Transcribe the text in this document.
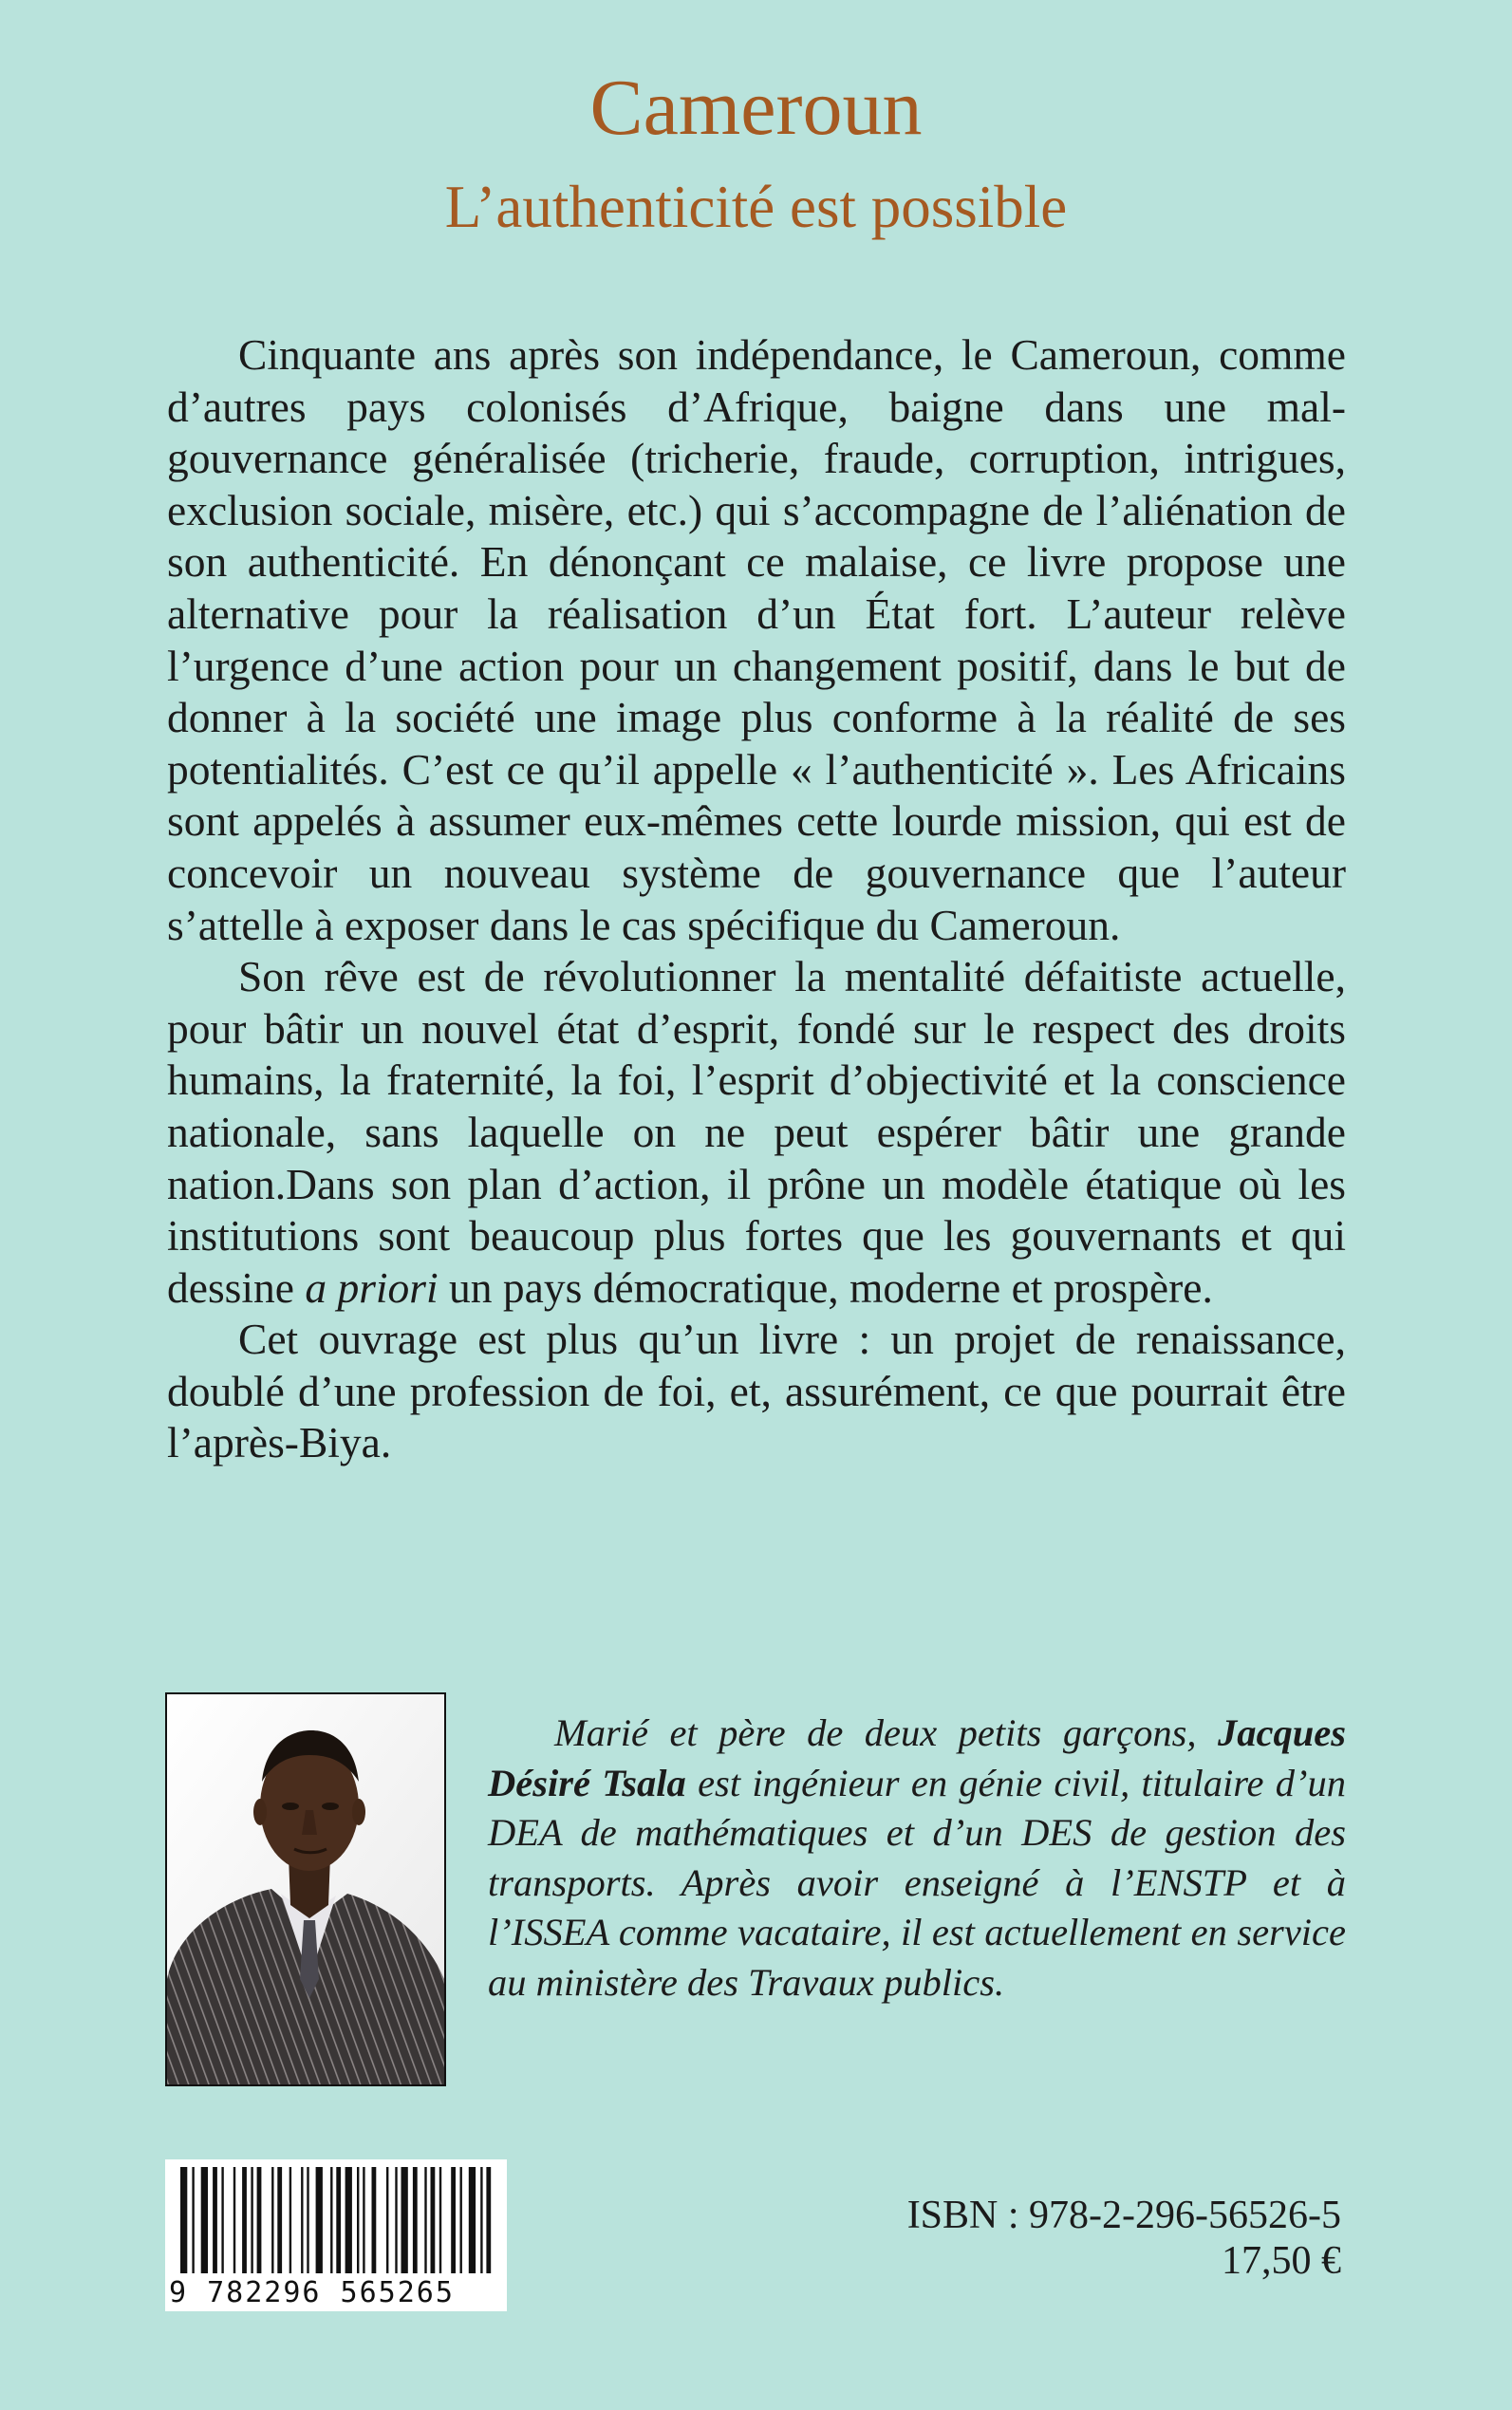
Cameroun
L’authenticité est possible

Cinquante ans après son indépendance, le Cameroun, comme d’autres pays colonisés d’Afrique, baigne dans une mal-gouvernance généralisée (tricherie, fraude, corruption, intrigues, exclusion sociale, misère, etc.) qui s’accompagne de l’aliénation de son authenticité. En dénonçant ce malaise, ce livre propose une alternative pour la réalisation d’un État fort. L’auteur relève l’urgence d’une action pour un changement positif, dans le but de donner à la société une image plus conforme à la réalité de ses potentialités. C’est ce qu’il appelle « l’authenticité ». Les Africains sont appelés à assumer eux-mêmes cette lourde mission, qui est de concevoir un nouveau système de gouvernance que l’auteur s’attelle à exposer dans le cas spécifique du Cameroun.

Son rêve est de révolutionner la mentalité défaitiste actuelle, pour bâtir un nouvel état d’esprit, fondé sur le respect des droits humains, la fraternité, la foi, l’esprit d’objectivité et la conscience nationale, sans laquelle on ne peut espérer bâtir une grande nation.Dans son plan d’action, il prône un modèle étatique où les institutions sont beaucoup plus fortes que les gouvernants et qui dessine a priori un pays démocratique, moderne et prospère.

Cet ouvrage est plus qu’un livre : un projet de renaissance, doublé d’une profession de foi, et, assurément, ce que pourrait être l’après-Biya.

Marié et père de deux petits garçons, Jacques Désiré Tsala est ingénieur en génie civil, titulaire d’un DEA de mathématiques et d’un DES de gestion des transports. Après avoir enseigné à l’ENSTP et à l’ISSEA comme vacataire, il est actuellement en service au ministère des Travaux publics.

9 782296 565265

ISBN : 978-2-296-56526-5

17,50 €
